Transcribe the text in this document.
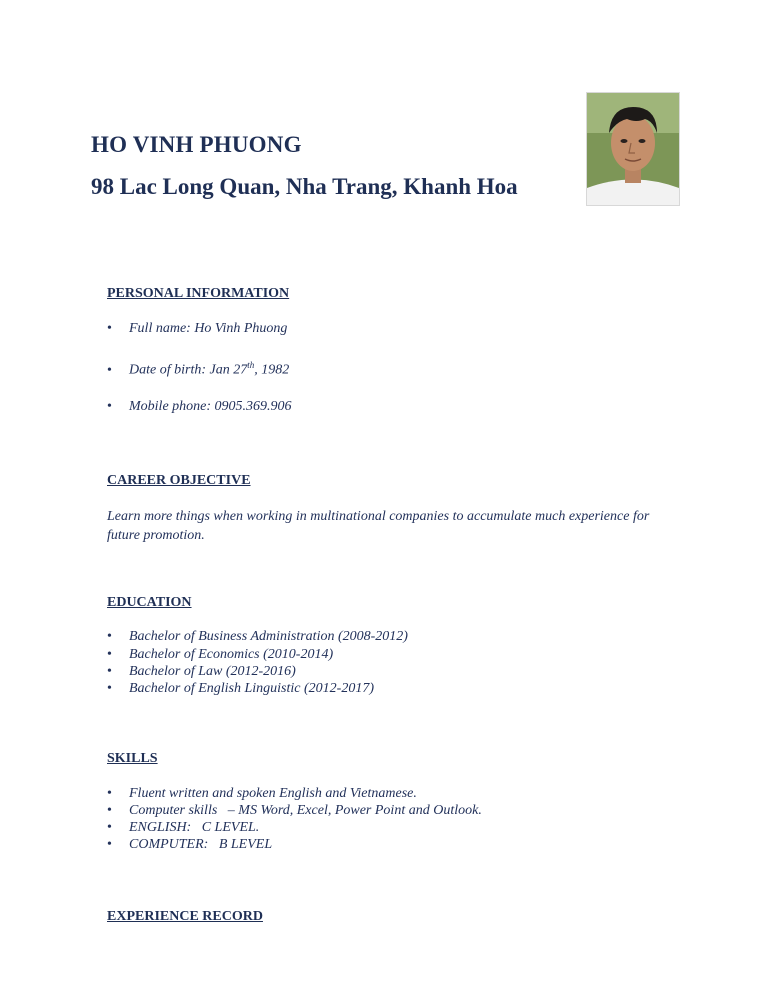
HO VINH PHUONG
98 Lac Long Quan, Nha Trang, Khanh Hoa
PERSONAL INFORMATION
• Full name: Ho Vinh Phuong
• Date of birth: Jan 27th, 1982
• Mobile phone: 0905.369.906
CAREER OBJECTIVE
Learn more things when working in multinational companies to accumulate much experience for future promotion.
EDUCATION
• Bachelor of Business Administration (2008-2012)
• Bachelor of Economics (2010-2014)
• Bachelor of Law (2012-2016)
• Bachelor of English Linguistic (2012-2017)
SKILLS
• Fluent written and spoken English and Vietnamese.
• Computer skills   – MS Word, Excel, Power Point and Outlook.
• ENGLISH:   C LEVEL.
• COMPUTER:   B LEVEL
EXPERIENCE RECORD
